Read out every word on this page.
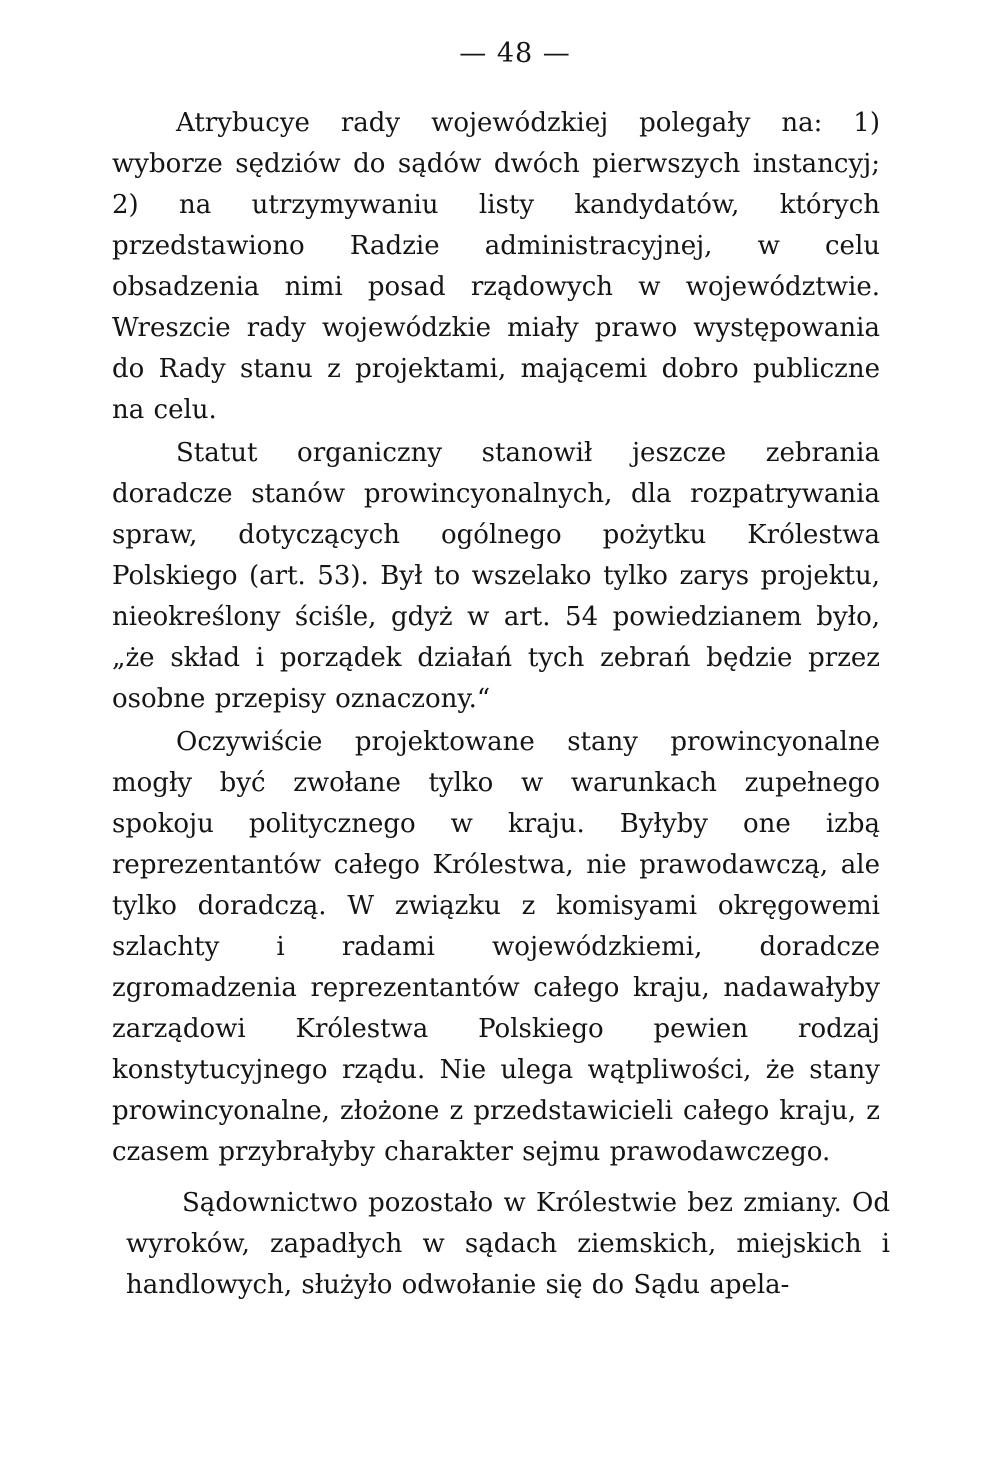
— 48 —

Atrybucye rady wojewódzkiej polegały na: 1) wyborze sędziów do sądów dwóch pierwszych instancyj; 2) na utrzymywaniu listy kandydatów, których przedstawiono Radzie administracyjnej, w celu obsadzenia nimi posad rządowych w województwie. Wreszcie rady wojewódzkie miały prawo występowania do Rady stanu z projektami, mającemi dobro publiczne na celu.

Statut organiczny stanowił jeszcze zebrania doradcze stanów prowincyonalnych, dla rozpatrywania spraw, dotyczących ogólnego pożytku Królestwa Polskiego (art. 53). Był to wszelako tylko zarys projektu, nieokreślony ściśle, gdyż w art. 54 powiedzianem było, „że skład i porządek działań tych zebrań będzie przez osobne przepisy oznaczony.“

Oczywiście projektowane stany prowincyonalne mogły być zwołane tylko w warunkach zupełnego spokoju politycznego w kraju. Byłyby one izbą reprezentantów całego Królestwa, nie prawodawczą, ale tylko doradczą. W związku z komisyami okręgowemi szlachty i radami wojewódzkiemi, doradcze zgromadzenia reprezentantów całego kraju, nadawałyby zarządowi Królestwa Polskiego pewien rodzaj konstytucyjnego rządu. Nie ulega wątpliwości, że stany prowincyonalne, złożone z przedstawicieli całego kraju, z czasem przybrałyby charakter sejmu prawodawczego.

Sądownictwo pozostało w Królestwie bez zmiany. Od wyroków, zapadłych w sądach ziemskich, miejskich i handlowych, służyło odwołanie się do Sądu apela-
